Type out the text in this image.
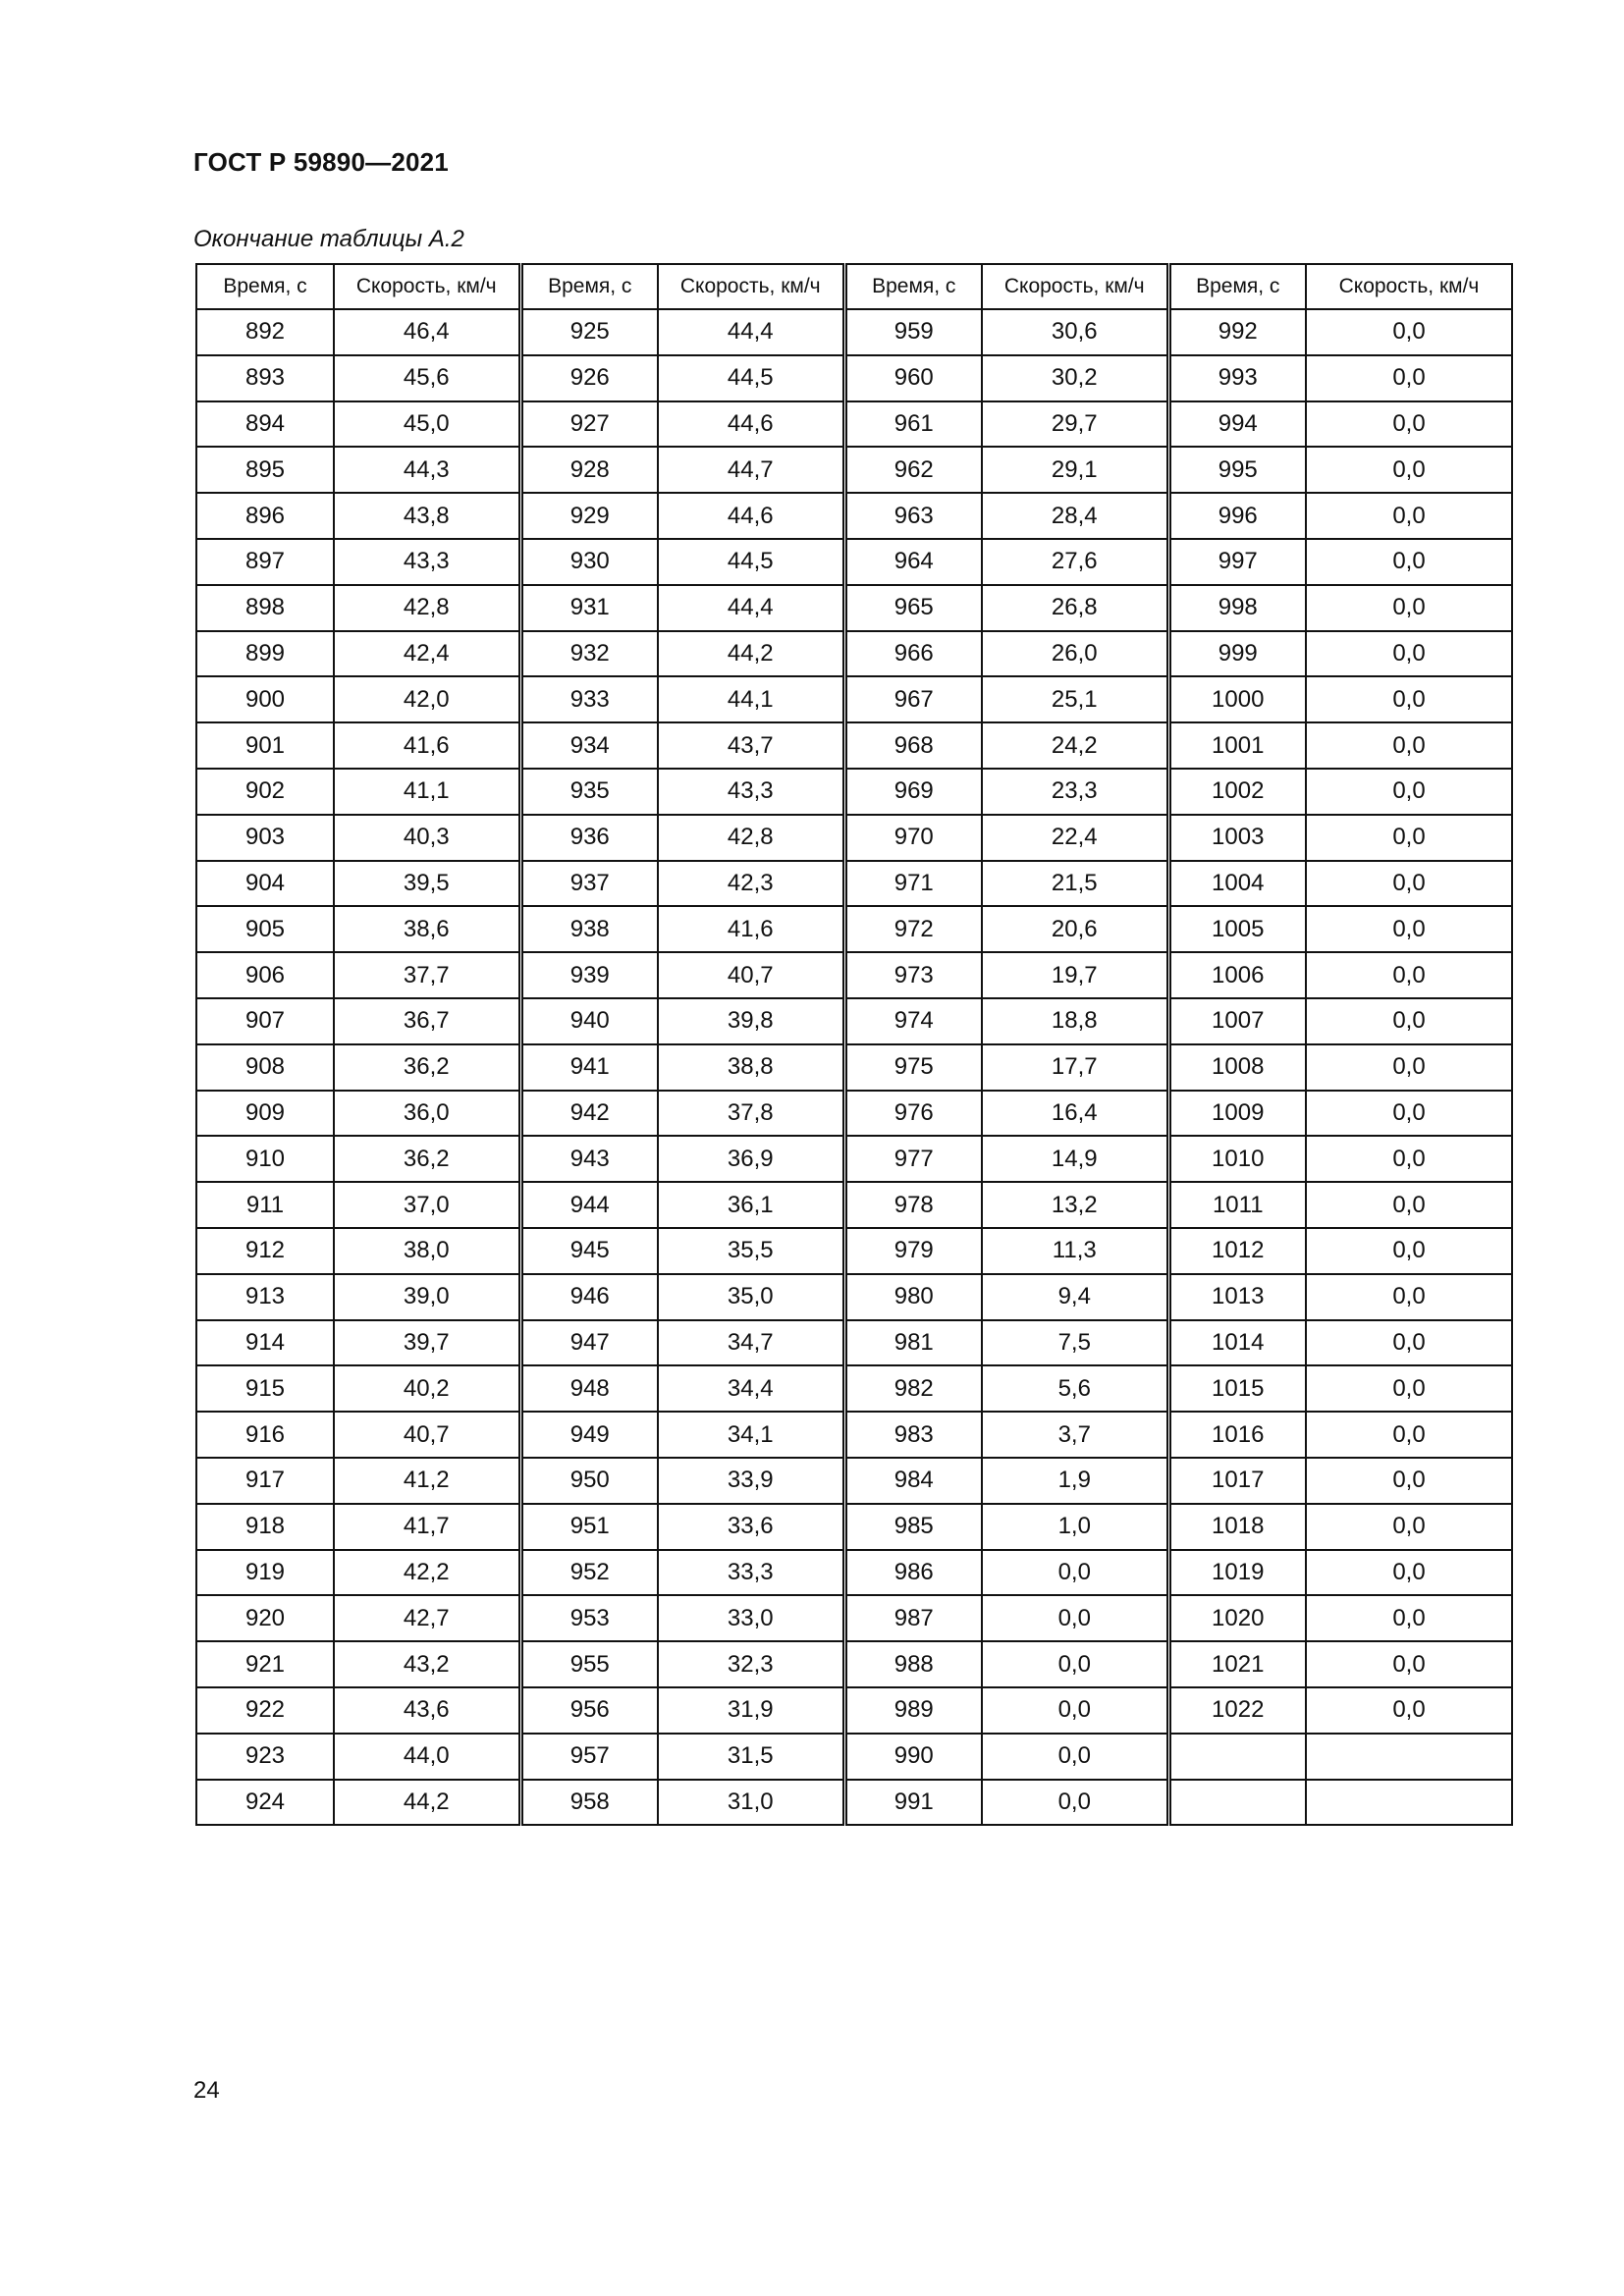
ГОСТ Р 59890—2021
Окончание таблицы А.2
Время, с	Скорость, км/ч	Время, с	Скорость, км/ч	Время, с	Скорость, км/ч	Время, с	Скорость, км/ч
892	46,4	925	44,4	959	30,6	992	0,0
893	45,6	926	44,5	960	30,2	993	0,0
894	45,0	927	44,6	961	29,7	994	0,0
895	44,3	928	44,7	962	29,1	995	0,0
896	43,8	929	44,6	963	28,4	996	0,0
897	43,3	930	44,5	964	27,6	997	0,0
898	42,8	931	44,4	965	26,8	998	0,0
899	42,4	932	44,2	966	26,0	999	0,0
900	42,0	933	44,1	967	25,1	1000	0,0
901	41,6	934	43,7	968	24,2	1001	0,0
902	41,1	935	43,3	969	23,3	1002	0,0
903	40,3	936	42,8	970	22,4	1003	0,0
904	39,5	937	42,3	971	21,5	1004	0,0
905	38,6	938	41,6	972	20,6	1005	0,0
906	37,7	939	40,7	973	19,7	1006	0,0
907	36,7	940	39,8	974	18,8	1007	0,0
908	36,2	941	38,8	975	17,7	1008	0,0
909	36,0	942	37,8	976	16,4	1009	0,0
910	36,2	943	36,9	977	14,9	1010	0,0
911	37,0	944	36,1	978	13,2	1011	0,0
912	38,0	945	35,5	979	11,3	1012	0,0
913	39,0	946	35,0	980	9,4	1013	0,0
914	39,7	947	34,7	981	7,5	1014	0,0
915	40,2	948	34,4	982	5,6	1015	0,0
916	40,7	949	34,1	983	3,7	1016	0,0
917	41,2	950	33,9	984	1,9	1017	0,0
918	41,7	951	33,6	985	1,0	1018	0,0
919	42,2	952	33,3	986	0,0	1019	0,0
920	42,7	953	33,0	987	0,0	1020	0,0
921	43,2	955	32,3	988	0,0	1021	0,0
922	43,6	956	31,9	989	0,0	1022	0,0
923	44,0	957	31,5	990	0,0		
924	44,2	958	31,0	991	0,0		
24
